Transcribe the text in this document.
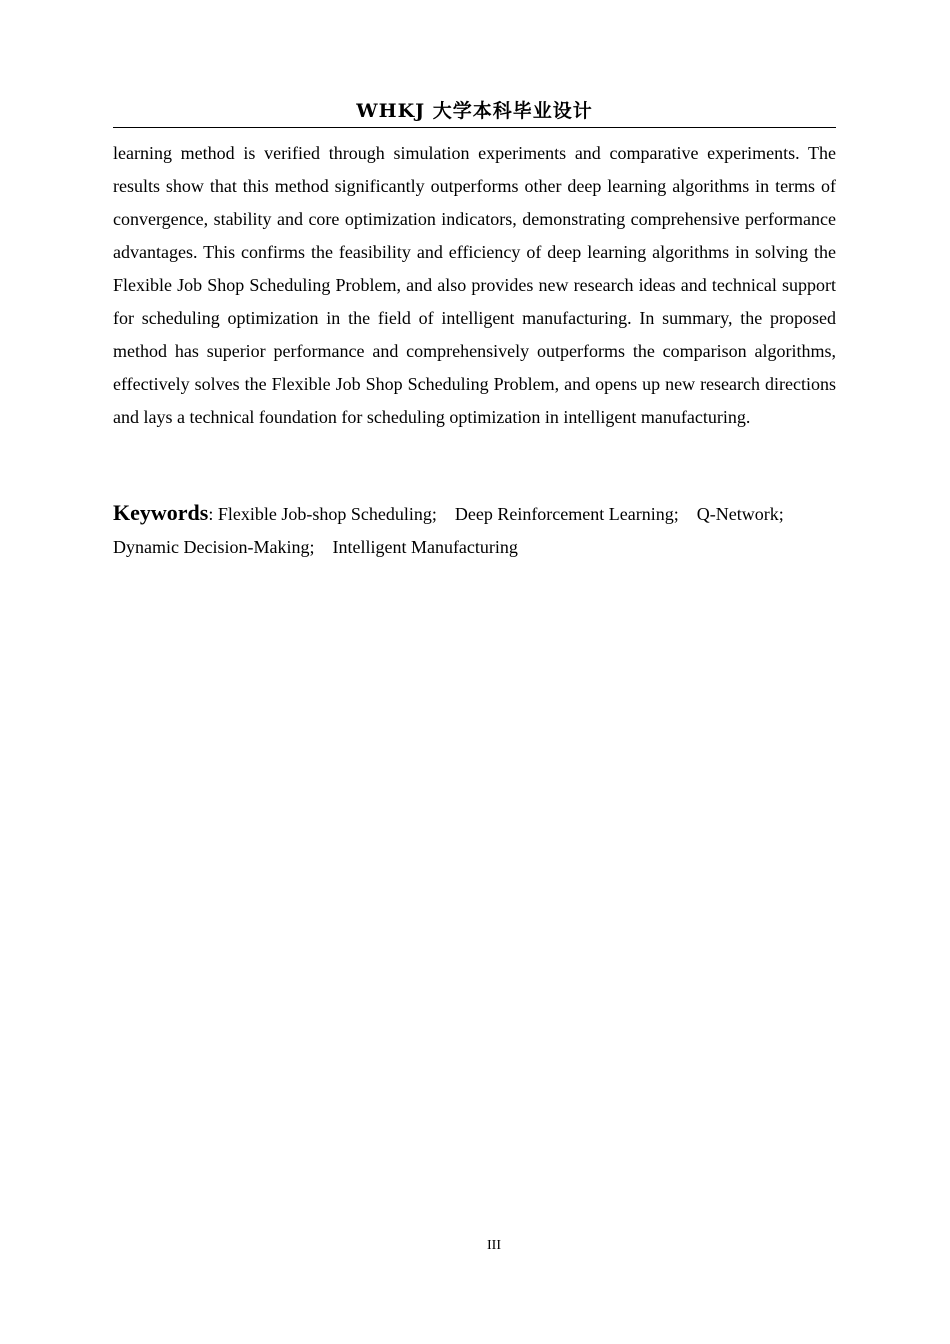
WHKJ 大学本科毕业设计

learning method is verified through simulation experiments and comparative experiments. The results show that this method significantly outperforms other deep learning algorithms in terms of convergence, stability and core optimization indicators, demonstrating comprehensive performance advantages. This confirms the feasibility and efficiency of deep learning algorithms in solving the Flexible Job Shop Scheduling Problem, and also provides new research ideas and technical support for scheduling optimization in the field of intelligent manufacturing. In summary, the proposed method has superior performance and comprehensively outperforms the comparison algorithms, effectively solves the Flexible Job Shop Scheduling Problem, and opens up new research directions and lays a technical foundation for scheduling optimization in intelligent manufacturing.

Keywords: Flexible Job-shop Scheduling;　 Deep Reinforcement Learning;　 Q-Network;
Dynamic Decision-Making;　 Intelligent Manufacturing

III
